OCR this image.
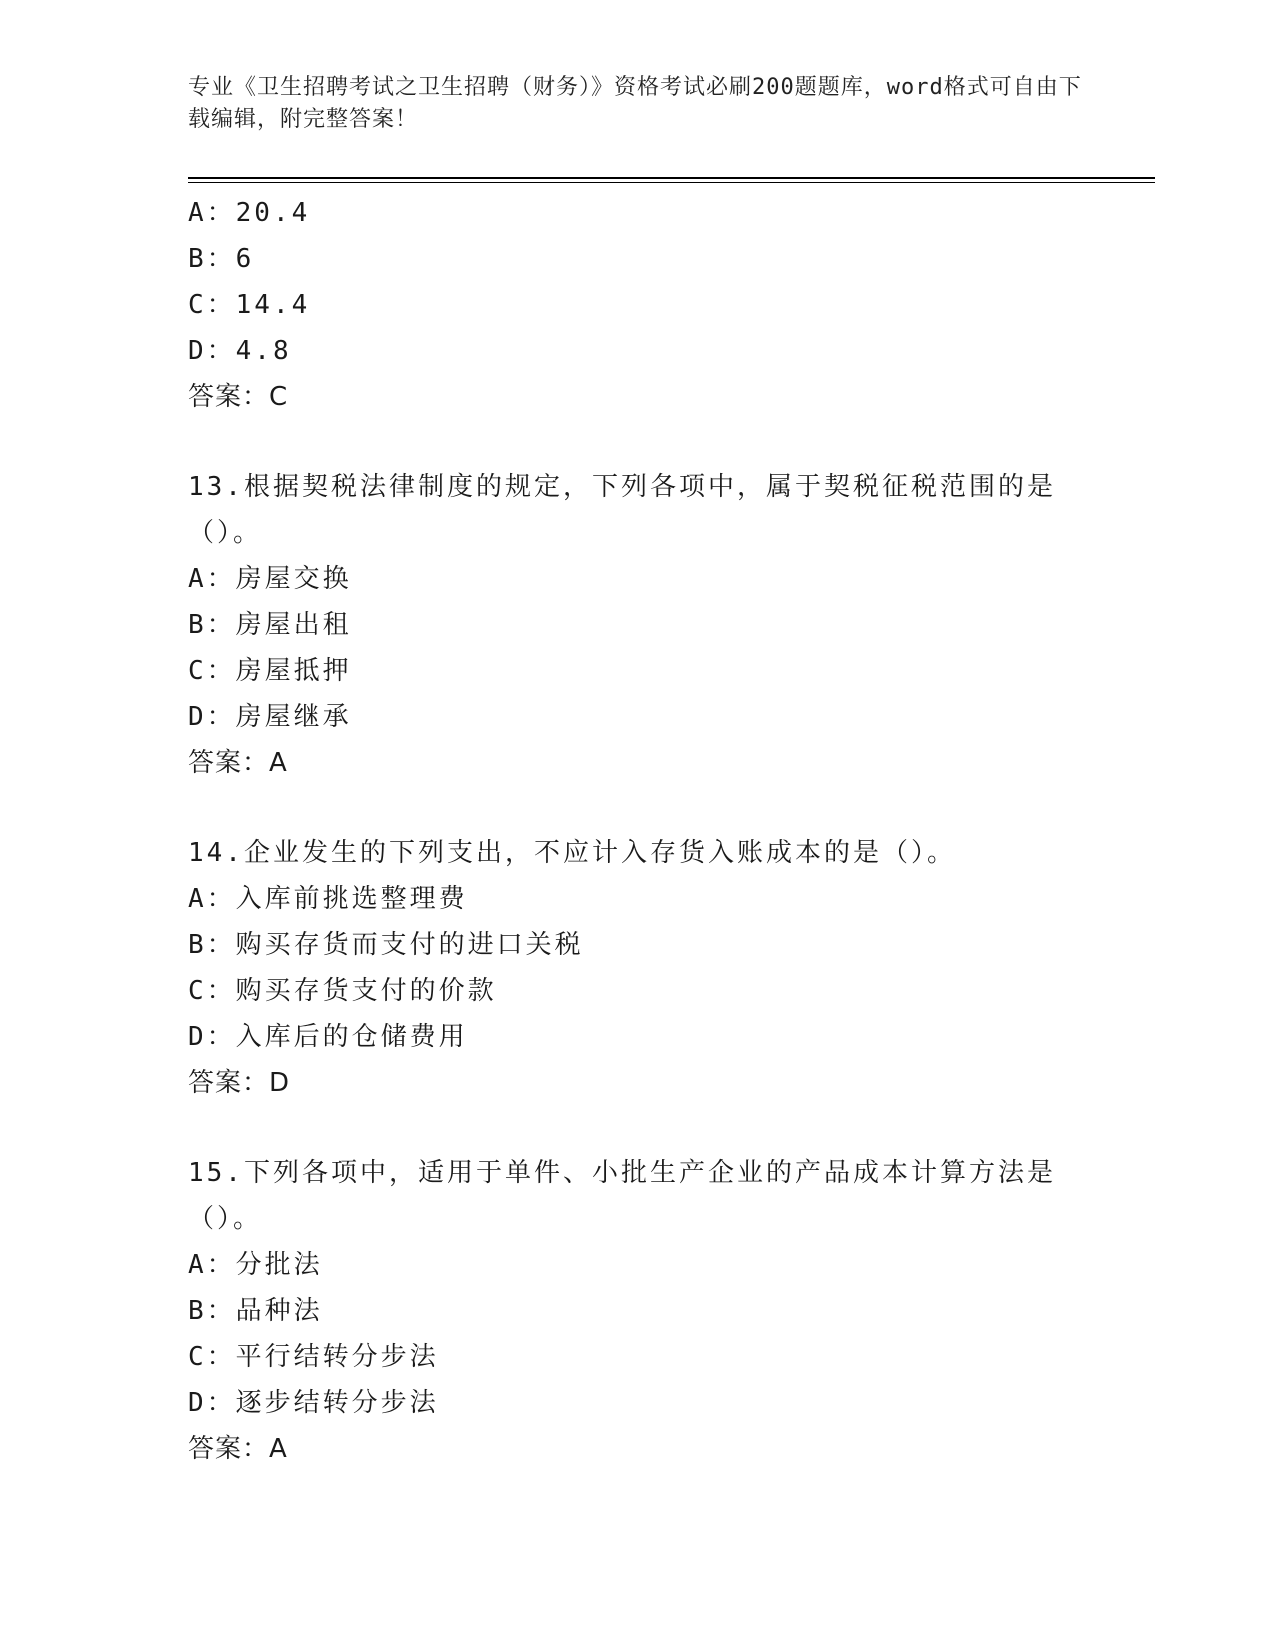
专业《卫生招聘考试之卫生招聘（财务）》资格考试必刷200题题库，word格式可自由下载编辑，附完整答案！
A：20.4
B：6
C：14.4
D：4.8
答案：C
13.根据契税法律制度的规定，下列各项中，属于契税征税范围的是（）。
A：房屋交换
B：房屋出租
C：房屋抵押
D：房屋继承
答案：A
14.企业发生的下列支出，不应计入存货入账成本的是（）。
A：入库前挑选整理费
B：购买存货而支付的进口关税
C：购买存货支付的价款
D：入库后的仓储费用
答案：D
15.下列各项中，适用于单件、小批生产企业的产品成本计算方法是（）。
A：分批法
B：品种法
C：平行结转分步法
D：逐步结转分步法
答案：A
